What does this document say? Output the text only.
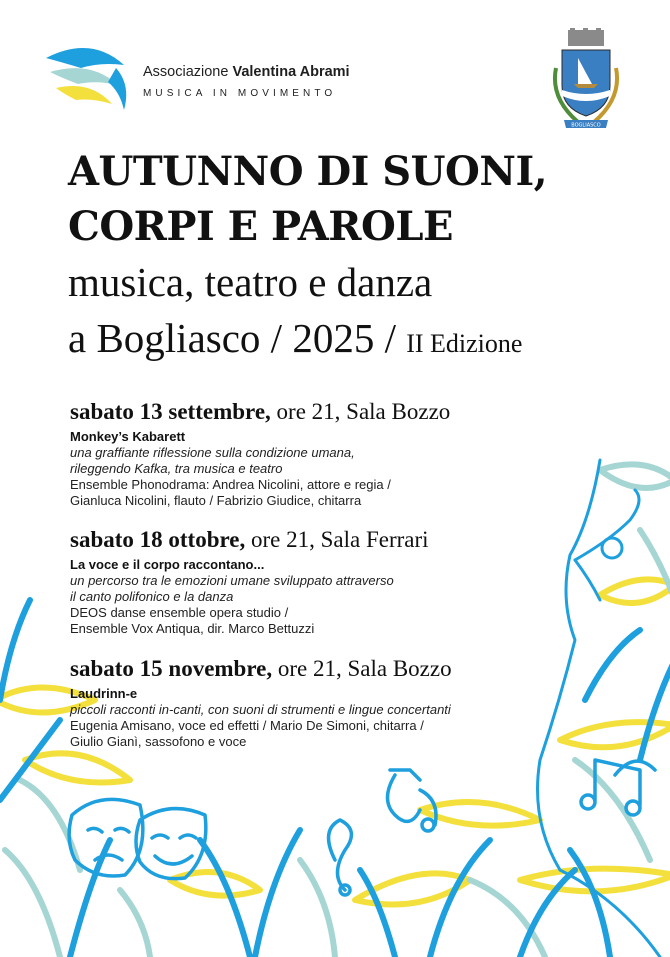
Associazione Valentina Abrami
MUSICA IN MOVIMENTO
BOGLIASCO
AUTUNNO DI SUONI,
CORPI E PAROLE
musica, teatro e danza
a Bogliasco / 2025 / II Edizione
sabato 13 settembre, ore 21, Sala Bozzo
Monkey’s Kabarett
una graffiante riflessione sulla condizione umana,
rileggendo Kafka, tra musica e teatro
Ensemble Phonodrama: Andrea Nicolini, attore e regia /
Gianluca Nicolini, flauto / Fabrizio Giudice, chitarra
sabato 18 ottobre, ore 21, Sala Ferrari
La voce e il corpo raccontano...
un percorso tra le emozioni umane sviluppato attraverso
il canto polifonico e la danza
DEOS danse ensemble opera studio /
Ensemble Vox Antiqua, dir. Marco Bettuzzi
sabato 15 novembre, ore 21, Sala Bozzo
Laudrinn-e
piccoli racconti in-canti, con suoni di strumenti e lingue concertanti
Eugenia Amisano, voce ed effetti / Mario De Simoni, chitarra /
Giulio Gianì, sassofono e voce
